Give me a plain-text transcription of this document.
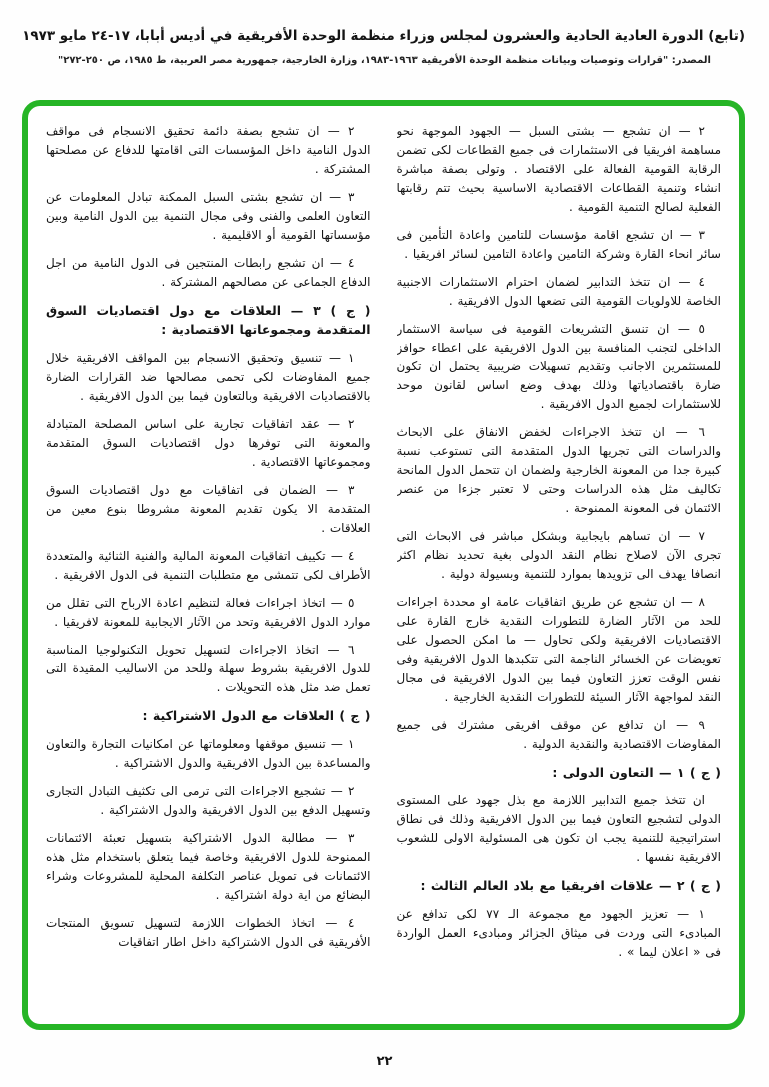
(تابع) الدورة العادية الحادية والعشرون لمجلس وزراء منظمة الوحدة الأفريقية في أديس أبابا، ١٧-٢٤ مايو ١٩٧٣
المصدر: "قرارات وتوصيات وبيانات منظمة الوحدة الأفريقية ١٩٦٣-١٩٨٣، وزارة الخارجية، جمهورية مصر العربية، ط ١٩٨٥، ص ٢٥٠-٢٧٢"

٢ — ان تشجع — بشتى السبل — الجهود الموجهة نحو مساهمة افريقيا فى الاستثمارات فى جميع القطاعات لكى تضمن الرقابة القومية الفعالة على الاقتصاد . وتولى بصفة مباشرة انشاء وتنمية القطاعات الاقتصادية الاساسية بحيث تتم رقابتها الفعلية لصالح التنمية القومية .

٣ — ان تشجع اقامة مؤسسات للتامين واعادة التأمين فى سائر انحاء القارة وشركة التامين واعادة التامين لسائر افريقيا .

٤ — ان تتخذ التدابير لضمان احترام الاستثمارات الاجنبية الخاصة للاولويات القومية التى تضعها الدول الافريقية .

٥ — ان تنسق التشريعات القومية فى سياسة الاستثمار الداخلى لتجنب المنافسة بين الدول الافريقية على اعطاء حوافز للمستثمرين الاجانب وتقديم تسهيلات ضريبية يحتمل ان تكون ضارة باقتصادياتها وذلك بهدف وضع اساس لقانون موحد للاستثمارات لجميع الدول الافريقية .

٦ — ان تتخذ الاجراءات لخفض الانفاق على الابحاث والدراسات التى تجريها الدول المتقدمة التى تستوعب نسبة كبيرة جدا من المعونة الخارجية ولضمان ان تتحمل الدول المانحة تكاليف مثل هذه الدراسات وحتى لا تعتبر جزءا من عنصر الائتمان فى المعونة الممنوحة .

٧ — ان تساهم بايجابية وبشكل مباشر فى الابحاث التى تجرى الآن لاصلاح نظام النقد الدولى بغية تحديد نظام اكثر انصافا يهدف الى تزويدها بموارد للتنمية وبسيولة دولية .

٨ — ان تشجع عن طريق اتفاقيات عامة او محددة اجراءات للحد من الآثار الضارة للتطورات النقدية خارج القارة على الاقتصاديات الافريقية ولكى تحاول — ما امكن الحصول على تعويضات عن الخسائر الناجمة التى تتكبدها الدول الافريقية وفى نفس الوقت تعزز التعاون فيما بين الدول الافريقية فى مجال النقد لمواجهة الآثار السيئة للتطورات النقدية الخارجية .

٩ — ان تدافع عن موقف افريقى مشترك فى جميع المفاوضات الاقتصادية والنقدية الدولية .

( ج ) ١ — التعاون الدولى :

ان تتخذ جميع التدابير اللازمة مع بذل جهود على المستوى الدولى لتشجيع التعاون فيما بين الدول الافريقية وذلك فى نطاق استراتيجية للتنمية يجب ان تكون هى المسئولية الاولى للشعوب الافريقية نفسها .

( ج ) ٢ — علاقات افريقيا مع بلاد العالم الثالث :

١ — تعزيز الجهود مع مجموعة الـ ٧٧ لكى تدافع عن المبادىء التى وردت فى ميثاق الجزائر ومبادىء العمل الواردة فى « اعلان ليما » .

٢ — ان تشجع بصفة دائمة تحقيق الانسجام فى مواقف الدول النامية داخل المؤسسات التى اقامتها للدفاع عن مصلحتها المشتركة .

٣ — ان تشجع بشتى السبل الممكنة تبادل المعلومات عن التعاون العلمى والفنى وفى مجال التنمية بين الدول النامية وبين مؤسساتها القومية أو الاقليمية .

٤ — ان تشجع رابطات المنتجين فى الدول النامية من اجل الدفاع الجماعى عن مصالحهم المشتركة .

( ج ) ٣ — العلاقات مع دول اقتصاديات السوق المتقدمة ومجموعاتها الاقتصادية :

١ — تنسيق وتحقيق الانسجام بين المواقف الافريقية خلال جميع المفاوضات لكى تحمى مصالحها ضد القرارات الضارة بالاقتصاديات الافريقية وبالتعاون فيما بين الدول الافريقية .

٢ — عقد اتفاقيات تجارية على اساس المصلحة المتبادلة والمعونة التى توفرها دول اقتصاديات السوق المتقدمة ومجموعاتها الاقتصادية .

٣ — الضمان فى اتفاقيات مع دول اقتصاديات السوق المتقدمة الا يكون تقديم المعونة مشروطا بنوع معين من العلاقات .

٤ — تكييف اتفاقيات المعونة المالية والفنية الثنائية والمتعددة الأطراف لكى تتمشى مع متطلبات التنمية فى الدول الافريقية .

٥ — اتخاذ اجراءات فعالة لتنظيم اعادة الارباح التى تقلل من موارد الدول الافريقية وتحد من الآثار الايجابية للمعونة لافريقيا .

٦ — اتخاذ الاجراءات لتسهيل تحويل التكنولوجيا المناسبة للدول الافريقية بشروط سهلة وللحد من الاساليب المقيدة التى تعمل ضد مثل هذه التحويلات .

( ج ) العلاقات مع الدول الاشتراكية :

١ — تنسيق موقفها ومعلوماتها عن امكانيات التجارة والتعاون والمساعدة بين الدول الافريقية والدول الاشتراكية .

٢ — تشجيع الاجراءات التى ترمى الى تكثيف التبادل التجارى وتسهيل الدفع بين الدول الافريقية والدول الاشتراكية .

٣ — مطالبة الدول الاشتراكية بتسهيل تعبئة الائتمانات الممنوحة للدول الافريقية وخاصة فيما يتعلق باستخدام مثل هذه الائتمانات فى تمويل عناصر التكلفة المحلية للمشروعات وشراء البضائع من اية دولة اشتراكية .

٤ — اتخاذ الخطوات اللازمة لتسهيل تسويق المنتجات الأفريقية فى الدول الاشتراكية داخل اطار اتفاقيات

٢٢
